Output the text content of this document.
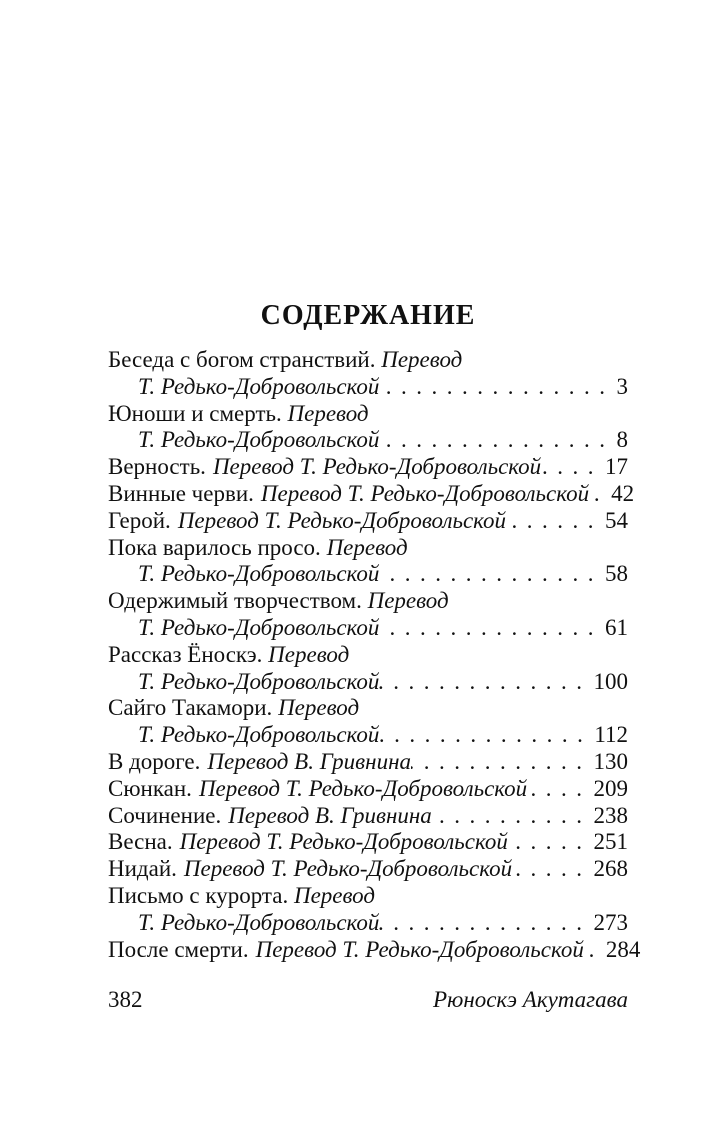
СОДЕРЖАНИЕ
Беседа с богом странствий. Перевод
Т. Редько-Добровольской .....	3
Юноши и смерть. Перевод
Т. Редько-Добровольской .....	8
Верность. Перевод Т. Редько-Добровольской .....	17
Винные черви. Перевод Т. Редько-Добровольской ..... 42
Герой. Перевод Т. Редько-Добровольской .....	54
Пока варилось просо. Перевод
Т. Редько-Добровольской .....	58
Одержимый творчеством. Перевод
Т. Редько-Добровольской .....	61
Рассказ Ёноскэ. Перевод
Т. Редько-Добровольской .....	100
Сайго Такамори. Перевод
Т. Редько-Добровольской .....	112
В дороге. Перевод В. Гривнина .....	130
Сюнкан. Перевод Т. Редько-Добровольской .....	209
Сочинение. Перевод В. Гривнина .....	238
Весна. Перевод Т. Редько-Добровольской .....	251
Нидай. Перевод Т. Редько-Добровольской .....	268
Письмо с курорта. Перевод
Т. Редько-Добровольской .....	273
После смерти. Перевод Т. Редько-Добровольской ..... 284
382	Рюноскэ Акутагава
